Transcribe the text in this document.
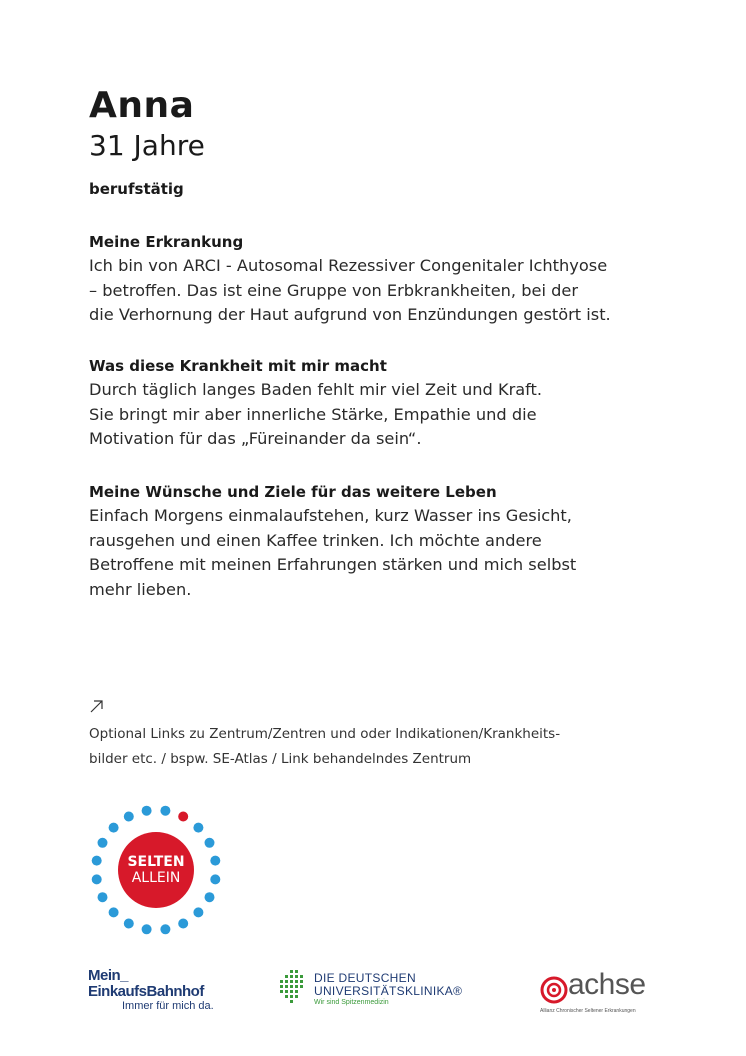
Anna
31 Jahre
berufstätig
Meine Erkrankung

Ich bin von ARCI - Autosomal Rezessiver Congenitaler Ichthyose

– betroffen. Das ist eine Gruppe von Erbkrankheiten, bei der

die Verhornung der Haut aufgrund von Enzündungen gestört ist.

Was diese Krankheit mit mir macht

Durch täglich langes Baden fehlt mir viel Zeit und Kraft.

Sie bringt mir aber innerliche Stärke, Empathie und die

Motivation für das „Füreinander da sein“.

Meine Wünsche und Ziele für das weitere Leben

Einfach Morgens einmalaufstehen, kurz Wasser ins Gesicht,

rausgehen und einen Kaffee trinken. Ich möchte andere

Betroffene mit meinen Erfahrungen stärken und mich selbst

mehr lieben.

Optional Links zu Zentrum/Zentren und oder Indikationen/Krankheits-
bilder etc. / bspw. SE-Atlas / Link behandelndes Zentrum
SELTEN
ALLEIN

Mein_

EinkaufsBahnhof

Immer für mich da.

DIE DEUTSCHEN

UNIVERSITÄTSKLINIKA®

Wir sind Spitzenmedizin

achse

Allianz Chronischer Seltener Erkrankungen
